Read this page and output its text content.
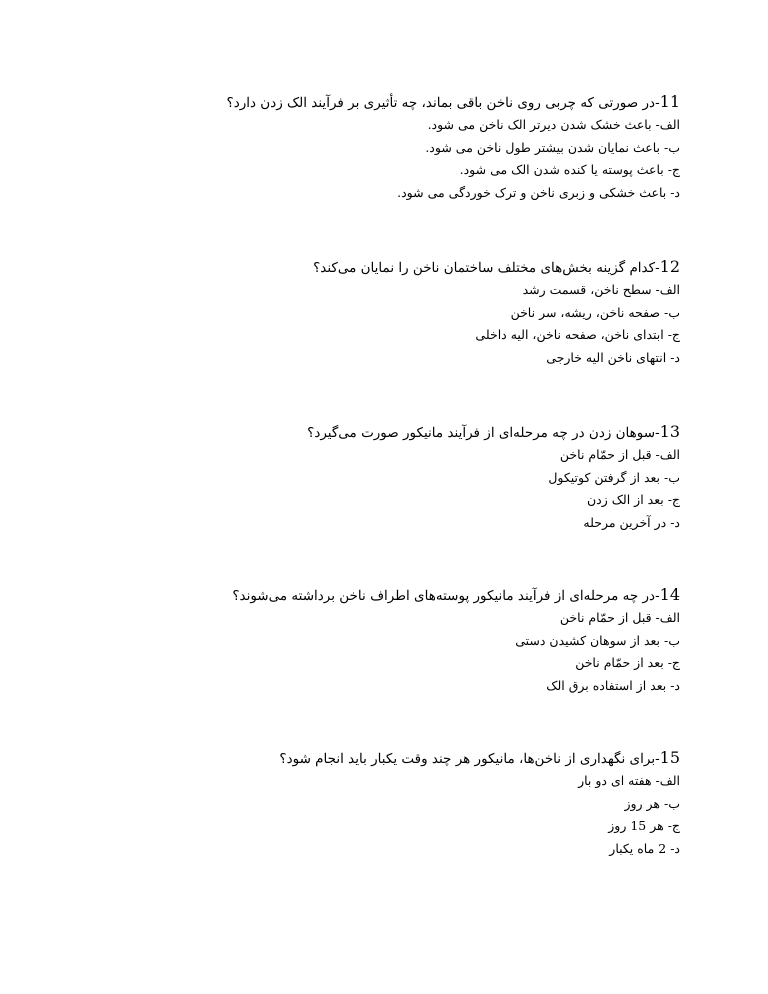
11-در صورتی که چربی روی ناخن باقی بماند، چه تأثیری بر فرآیند الک زدن دارد؟

الف- باعث خشک شدن دیرتر الک ناخن می شود.
ب- باعث نمایان شدن بیشتر طول ناخن می شود.
ج- باعث پوسته یا کنده شدن الک می شود.
د- باعث خشکی و زبری ناخن و ترک خوردگی می شود.

12-کدام گزینه بخش‌های مختلف ساختمان ناخن را نمایان می‌کند؟

الف- سطح ناخن، قسمت رشد
ب- صفحه ناخن، ریشه، سر ناخن
ج- ابتدای ناخن، صفحه ناخن، الیه داخلی
د- انتهای ناخن الیه خارجی

13-سوهان زدن در چه مرحله‌ای از فرآیند مانیکور صورت می‌گیرد؟

الف- قبل از حمّام ناخن
ب- بعد از گرفتن کوتیکول
ج- بعد از الک زدن
د- در آخرین مرحله

14-در چه مرحله‌ای از فرآیند مانیکور پوسته‌های اطراف ناخن برداشته می‌شوند؟

الف- قبل از حمّام ناخن
ب- بعد از سوهان کشیدن دستی
ج- بعد از حمّام ناخن
د- بعد از استفاده برق الک

15-برای نگهداری از ناخن‌ها، مانیکور هر چند وقت یکبار باید انجام شود؟

الف- هفته ای دو بار
ب- هر روز
ج- هر 15 روز
د- 2 ماه یکبار
